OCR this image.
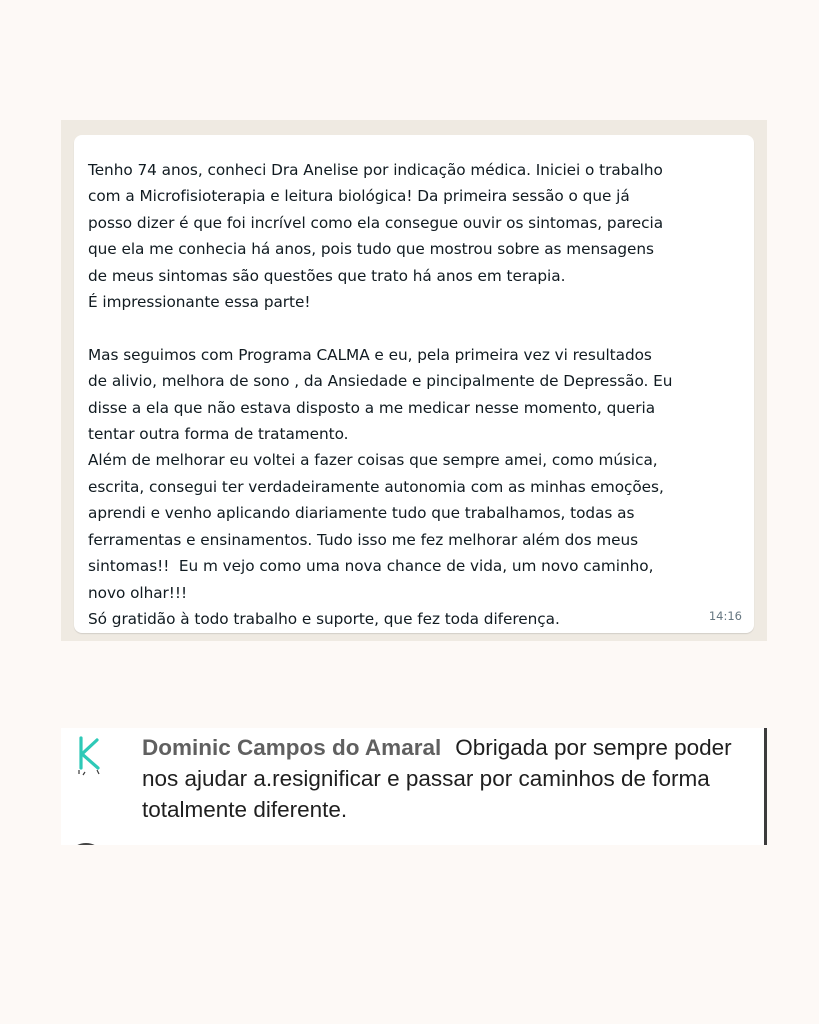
Tenho 74 anos, conheci Dra Anelise por indicação médica. Iniciei o trabalho
com a Microfisioterapia e leitura biológica! Da primeira sessão o que já
posso dizer é que foi incrível como ela consegue ouvir os sintomas, parecia
que ela me conhecia há anos, pois tudo que mostrou sobre as mensagens
de meus sintomas são questões que trato há anos em terapia.
É impressionante essa parte!

Mas seguimos com Programa CALMA e eu, pela primeira vez vi resultados
de alivio, melhora de sono , da Ansiedade e pincipalmente de Depressão. Eu
disse a ela que não estava disposto a me medicar nesse momento, queria
tentar outra forma de tratamento.
Além de melhorar eu voltei a fazer coisas que sempre amei, como música,
escrita, consegui ter verdadeiramente autonomia com as minhas emoções,
aprendi e venho aplicando diariamente tudo que trabalhamos, todas as
ferramentas e ensinamentos. Tudo isso me fez melhorar além dos meus
sintomas!!  Eu m vejo como uma nova chance de vida, um novo caminho,
novo olhar!!!
Só gratidão à todo trabalho e suporte, que fez toda diferença.	14:16
Dominic Campos do Amaral Obrigada por sempre poder nos ajudar a.resignificar e passar por caminhos de forma totalmente diferente.
